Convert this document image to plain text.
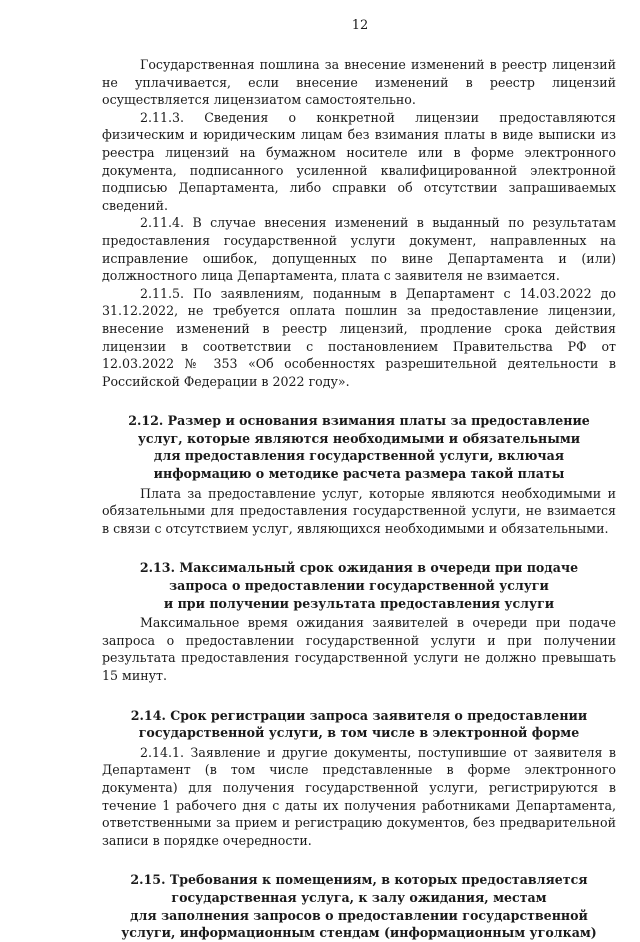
12

Государственная пошлина за внесение изменений в реестр лицензий не уплачивается, если внесение изменений в реестр лицензий осуществляется лицензиатом самостоятельно.

2.11.3. Сведения о конкретной лицензии предоставляются физическим и юридическим лицам без взимания платы в виде выписки из реестра лицензий на бумажном носителе или в форме электронного документа, подписанного усиленной квалифицированной электронной подписью Департамента, либо справки об отсутствии запрашиваемых сведений.

2.11.4. В случае внесения изменений в выданный по результатам предоставления государственной услуги документ, направленных на исправление ошибок, допущенных по вине Департамента и (или) должностного лица Департамента, плата с заявителя не взимается.

2.11.5. По заявлениям, поданным в Департамент с 14.03.2022 до 31.12.2022, не требуется оплата пошлин за предоставление лицензии, внесение изменений в реестр лицензий, продление срока действия лицензии в соответствии с постановлением Правительства РФ от 12.03.2022 № 353 «Об особенностях разрешительной деятельности в Российской Федерации в 2022 году».

2.12. Размер и основания взимания платы за предоставление
услуг, которые являются необходимыми и обязательными
для предоставления государственной услуги, включая
информацию о методике расчета размера такой платы

Плата за предоставление услуг, которые являются необходимыми и обязательными для предоставления государственной услуги, не взимается в связи с отсутствием услуг, являющихся необходимыми и обязательными.

2.13. Максимальный срок ожидания в очереди при подаче
запроса о предоставлении государственной услуги
и при получении результата предоставления услуги

Максимальное время ожидания заявителей в очереди при подаче запроса о предоставлении государственной услуги и при получении результата предоставления государственной услуги не должно превышать 15 минут.

2.14. Срок регистрации запроса заявителя о предоставлении
государственной услуги, в том числе в электронной форме

2.14.1. Заявление и другие документы, поступившие от заявителя в Департамент (в том числе представленные в форме электронного документа) для получения государственной услуги, регистрируются в течение 1 рабочего дня с даты их получения работниками Департамента, ответственными за прием и регистрацию документов, без предварительной записи в порядке очередности.

2.15. Требования к помещениям, в которых предоставляется
государственная услуга, к залу ожидания, местам
для заполнения запросов о предоставлении государственной
услуги, информационным стендам (информационным уголкам)
